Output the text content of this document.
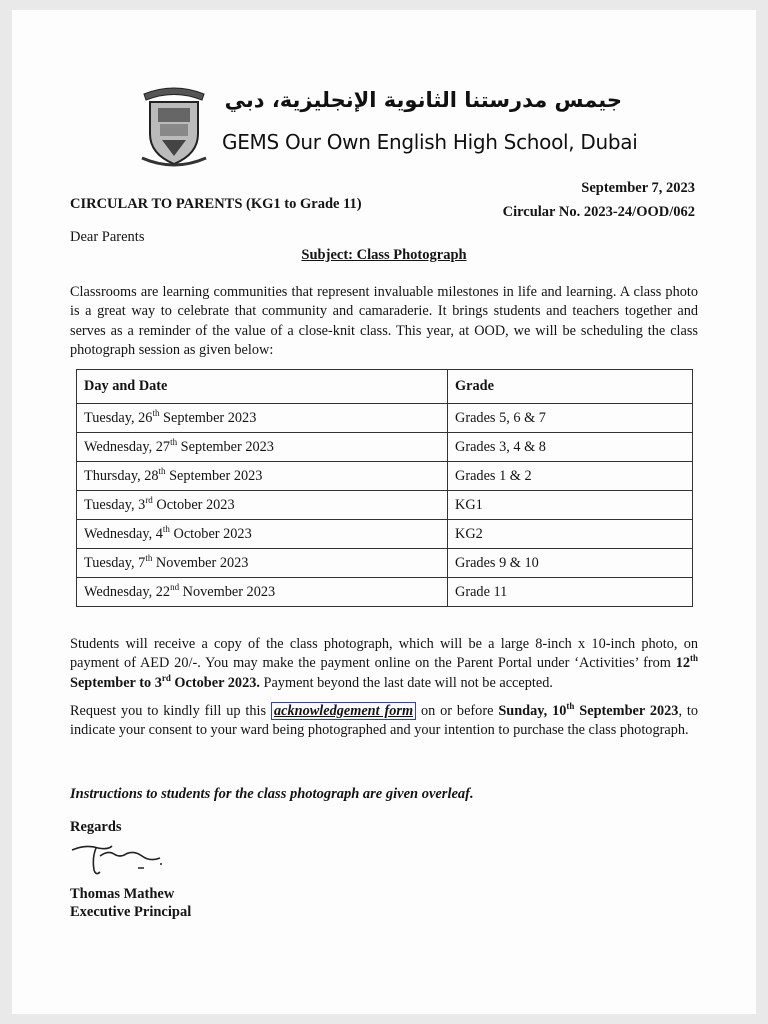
جيمس مدرستنا الثانوية الإنجليزية، دبي
GEMS Our Own English High School, Dubai
CIRCULAR TO PARENTS (KG1 to Grade 11)
September 7, 2023
Circular No. 2023-24/OOD/062
Dear Parents
Subject: Class Photograph
Classrooms are learning communities that represent invaluable milestones in life and learning. A class photo is a great way to celebrate that community and camaraderie. It brings students and teachers together and serves as a reminder of the value of a close-knit class. This year, at OOD, we will be scheduling the class photograph session as given below:
Day and Date	Grade
Tuesday, 26th September 2023	Grades 5, 6 & 7
Wednesday, 27th September 2023	Grades 3, 4 & 8
Thursday, 28th September 2023	Grades 1 & 2
Tuesday, 3rd October 2023	KG1
Wednesday, 4th October 2023	KG2
Tuesday, 7th November 2023	Grades 9 & 10
Wednesday, 22nd November 2023	Grade 11
Students will receive a copy of the class photograph, which will be a large 8-inch x 10-inch photo, on payment of AED 20/-. You may make the payment online on the Parent Portal under ‘Activities’ from 12th September to 3rd October 2023. Payment beyond the last date will not be accepted.
Request you to kindly fill up this acknowledgement form on or before Sunday, 10th September 2023, to indicate your consent to your ward being photographed and your intention to purchase the class photograph.
Instructions to students for the class photograph are given overleaf.
Regards
Thomas Mathew
Executive Principal
